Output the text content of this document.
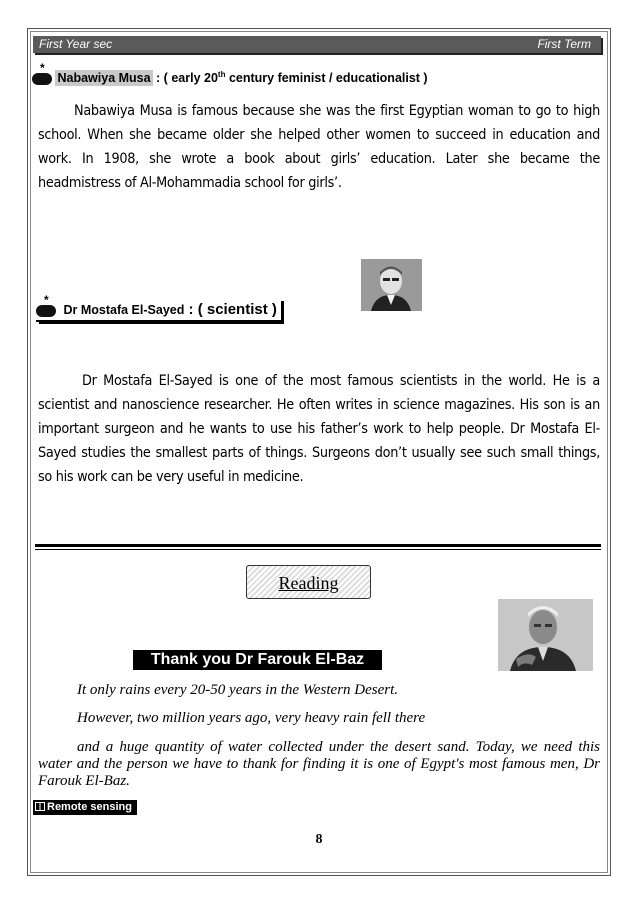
First Year sec	First Term
*
Nabawiya Musa : ( early 20th century feminist / educationalist )
Nabawiya Musa is famous because she was the first Egyptian woman to go to high school. When she became older she helped other women to succeed in education and work. In 1908, she wrote a book about girls’ education. Later she became the headmistress of Al-Mohammadia school for girls’.
*
Dr Mostafa El-Sayed : ( scientist )
Dr Mostafa El-Sayed is one of the most famous scientists in the world. He is a scientist and nanoscience researcher. He often writes in science magazines. His son is an important surgeon and he wants to use his father’s work to help people. Dr Mostafa El-Sayed studies the smallest parts of things. Surgeons don’t usually see such small things, so his work can be very useful in medicine.
Reading
Thank you Dr Farouk El-Baz
It only rains every 20-50 years in the Western Desert.
However, two million years ago, very heavy rain fell there
and a huge quantity of water collected under the desert sand. Today, we need this water and the person we have to thank for finding it is one of Egypt's most famous men, Dr Farouk El-Baz.
Remote sensing
8
